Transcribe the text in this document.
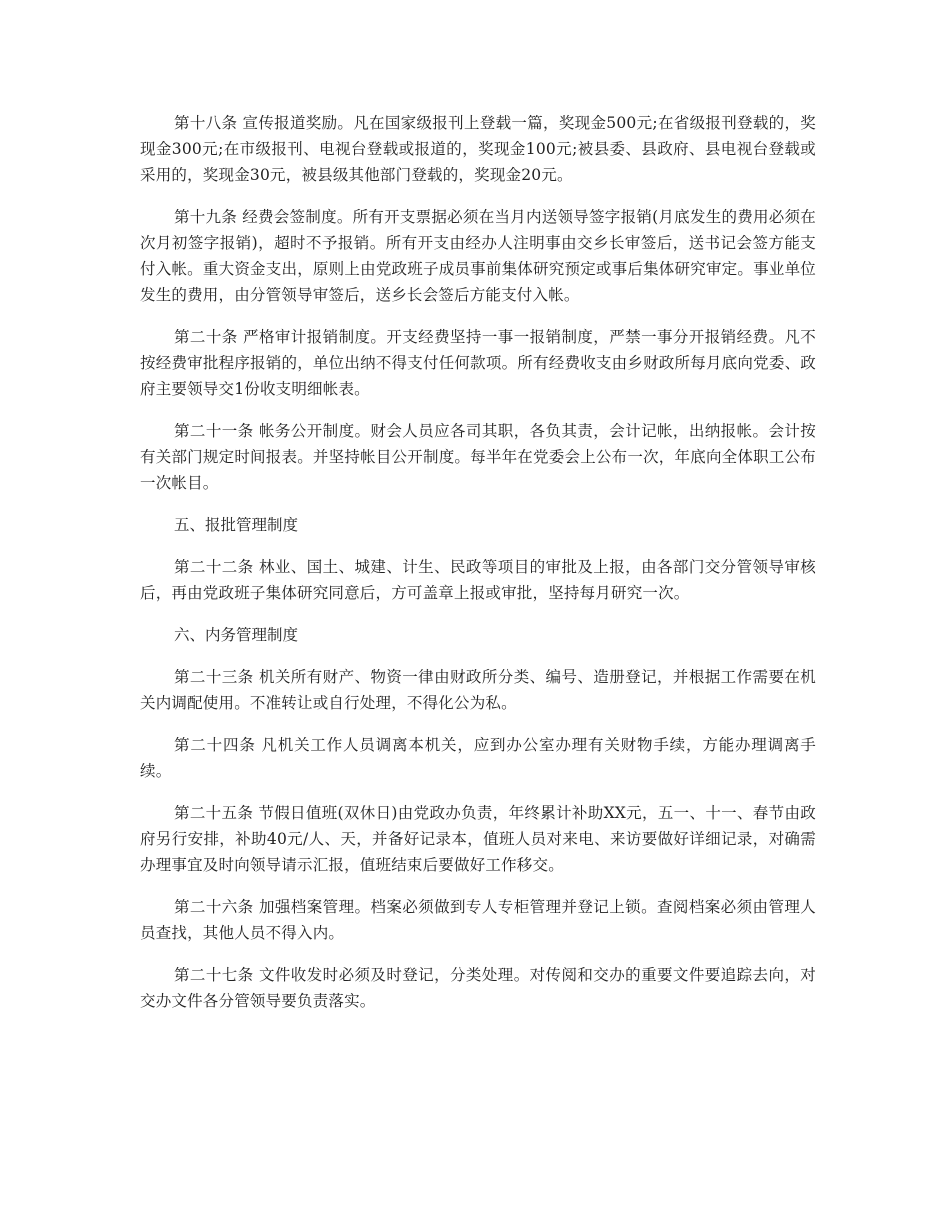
第十八条 宣传报道奖励。凡在国家级报刊上登载一篇，奖现金500元;在省级报刊登载的，奖现金300元;在市级报刊、电视台登载或报道的，奖现金100元;被县委、县政府、县电视台登载或采用的，奖现金30元，被县级其他部门登载的，奖现金20元。

第十九条 经费会签制度。所有开支票据必须在当月内送领导签字报销(月底发生的费用必须在次月初签字报销)，超时不予报销。所有开支由经办人注明事由交乡长审签后，送书记会签方能支付入帐。重大资金支出，原则上由党政班子成员事前集体研究预定或事后集体研究审定。事业单位发生的费用，由分管领导审签后，送乡长会签后方能支付入帐。

第二十条 严格审计报销制度。开支经费坚持一事一报销制度，严禁一事分开报销经费。凡不按经费审批程序报销的，单位出纳不得支付任何款项。所有经费收支由乡财政所每月底向党委、政府主要领导交1份收支明细帐表。

第二十一条 帐务公开制度。财会人员应各司其职，各负其责，会计记帐，出纳报帐。会计按有关部门规定时间报表。并坚持帐目公开制度。每半年在党委会上公布一次，年底向全体职工公布一次帐目。

五、报批管理制度

第二十二条 林业、国土、城建、计生、民政等项目的审批及上报，由各部门交分管领导审核后，再由党政班子集体研究同意后，方可盖章上报或审批，坚持每月研究一次。

六、内务管理制度

第二十三条 机关所有财产、物资一律由财政所分类、编号、造册登记，并根据工作需要在机关内调配使用。不准转让或自行处理，不得化公为私。

第二十四条 凡机关工作人员调离本机关，应到办公室办理有关财物手续，方能办理调离手续。

第二十五条 节假日值班(双休日)由党政办负责，年终累计补助XX元，五一、十一、春节由政府另行安排，补助40元/人、天，并备好记录本，值班人员对来电、来访要做好详细记录，对确需办理事宜及时向领导请示汇报，值班结束后要做好工作移交。

第二十六条 加强档案管理。档案必须做到专人专柜管理并登记上锁。查阅档案必须由管理人员查找，其他人员不得入内。

第二十七条 文件收发时必须及时登记，分类处理。对传阅和交办的重要文件要追踪去向，对交办文件各分管领导要负责落实。
